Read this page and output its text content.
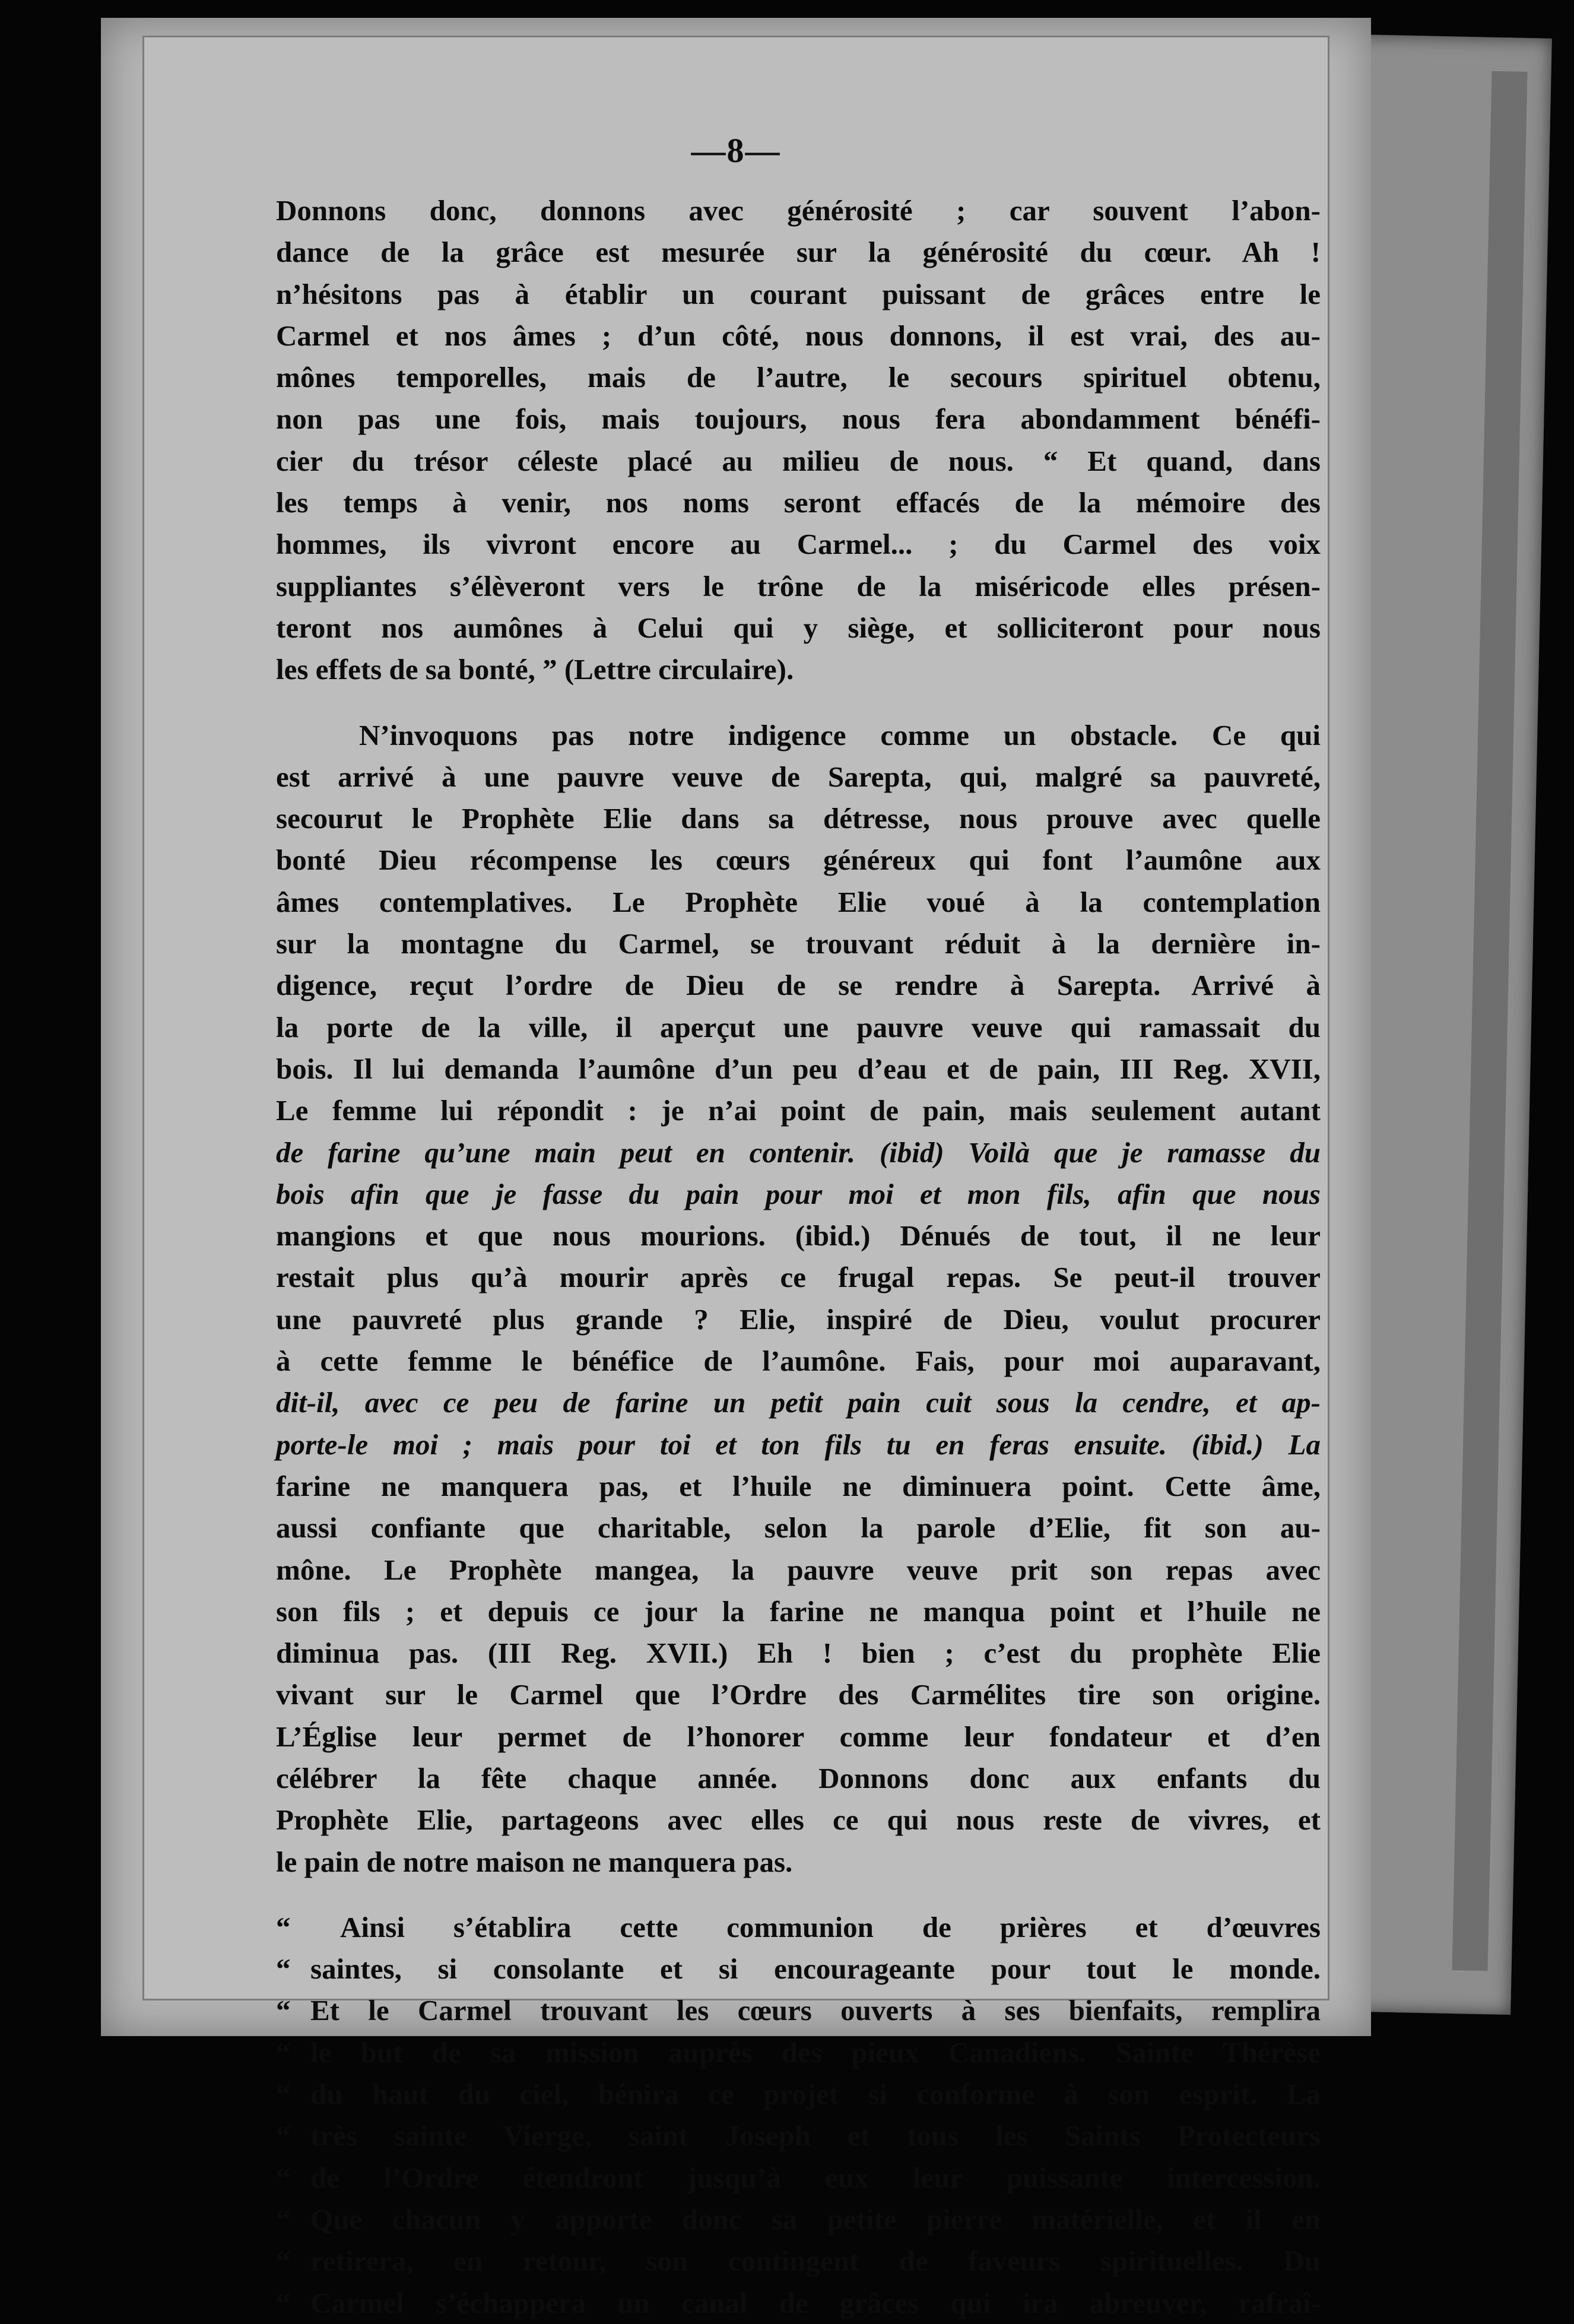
—8—
Donnons donc, donnons avec générosité ; car souvent l’abon-
dance de la grâce est mesurée sur la générosité du cœur. Ah !
n’hésitons pas à établir un courant puissant de grâces entre le
Carmel et nos âmes ; d’un côté, nous donnons, il est vrai, des au-
mônes temporelles, mais de l’autre, le secours spirituel obtenu,
non pas une fois, mais toujours, nous fera abondamment bénéfi-
cier du trésor céleste placé au milieu de nous. “ Et quand, dans
les temps à venir, nos noms seront effacés de la mémoire des
hommes, ils vivront encore au Carmel... ; du Carmel des voix
suppliantes s’élèveront vers le trône de la miséricode elles présen-
teront nos aumônes à Celui qui y siège, et solliciteront pour nous
les effets de sa bonté, ” (Lettre circulaire).
N’invoquons pas notre indigence comme un obstacle. Ce qui
est arrivé à une pauvre veuve de Sarepta, qui, malgré sa pauvreté,
secourut le Prophète Elie dans sa détresse, nous prouve avec quelle
bonté Dieu récompense les cœurs généreux qui font l’aumône aux
âmes contemplatives. Le Prophète Elie voué à la contemplation
sur la montagne du Carmel, se trouvant réduit à la dernière in-
digence, reçut l’ordre de Dieu de se rendre à Sarepta. Arrivé à
la porte de la ville, il aperçut une pauvre veuve qui ramassait du
bois. Il lui demanda l’aumône d’un peu d’eau et de pain, III Reg. XVII,
Le femme lui répondit : je n’ai point de pain, mais seulement autant
de farine qu’une main peut en contenir. (ibid) Voilà que je ramasse du
bois afin que je fasse du pain pour moi et mon fils, afin que nous
mangions et que nous mourions. (ibid.) Dénués de tout, il ne leur
restait plus qu’à mourir après ce frugal repas. Se peut-il trouver
une pauvreté plus grande ? Elie, inspiré de Dieu, voulut procurer
à cette femme le bénéfice de l’aumône. Fais, pour moi auparavant,
dit-il, avec ce peu de farine un petit pain cuit sous la cendre, et ap-
porte-le moi ; mais pour toi et ton fils tu en feras ensuite. (ibid.) La
farine ne manquera pas, et l’huile ne diminuera point. Cette âme,
aussi confiante que charitable, selon la parole d’Elie, fit son au-
mône. Le Prophète mangea, la pauvre veuve prit son repas avec
son fils ; et depuis ce jour la farine ne manqua point et l’huile ne
diminua pas. (III Reg. XVII.) Eh ! bien ; c’est du prophète Elie
vivant sur le Carmel que l’Ordre des Carmélites tire son origine.
L’Église leur permet de l’honorer comme leur fondateur et d’en
célébrer la fête chaque année. Donnons donc aux enfants du
Prophète Elie, partageons avec elles ce qui nous reste de vivres, et
le pain de notre maison ne manquera pas.
“	Ainsi s’établira cette communion de prières et d’œuvres
“ saintes, si consolante et si encourageante pour tout le monde.
“ Et le Carmel trouvant les cœurs ouverts à ses bienfaits, remplira
“ le but de sa mission auprès des pieux Canadiens. Sainte Thérèse
“ du haut du ciel, bénira ce projet si conforme à son esprit. La
“ très sainte Vierge, saint Joseph et tous les Saints Protecteurs
“ de l’Ordre étendront jusqu’à eux leur puissante intercession.
“ Que chacun y apporte donc sa petite pierre matérielle, et il en
“ retirera, en retour, son contingent de faveurs spirituelles. Du
“ Carmel s’échappera un canal de grâces qui ira abreuver, rafraî-
